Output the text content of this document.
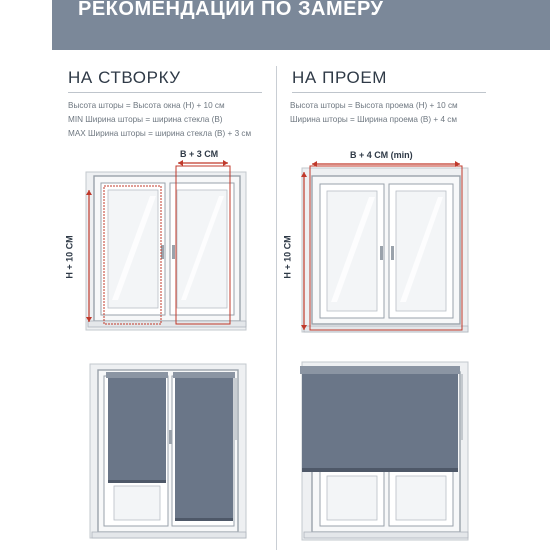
РЕКОМЕНДАЦИИ ПО ЗАМЕРУ
НА СТВОРКУ	НА ПРОЕМ
Высота шторы = Высота окна (Н) + 10 см
MIN Ширина шторы = ширина стекла (В)
MAX Ширина шторы = ширина стекла (В) + 3 см
Высота шторы = Высота проема (Н) + 10 см
Ширина шторы = Ширина проема (В) + 4 см
В + 3 СМ
Н + 10 СМ
В + 4 СМ (min)
Н + 10 СМ
